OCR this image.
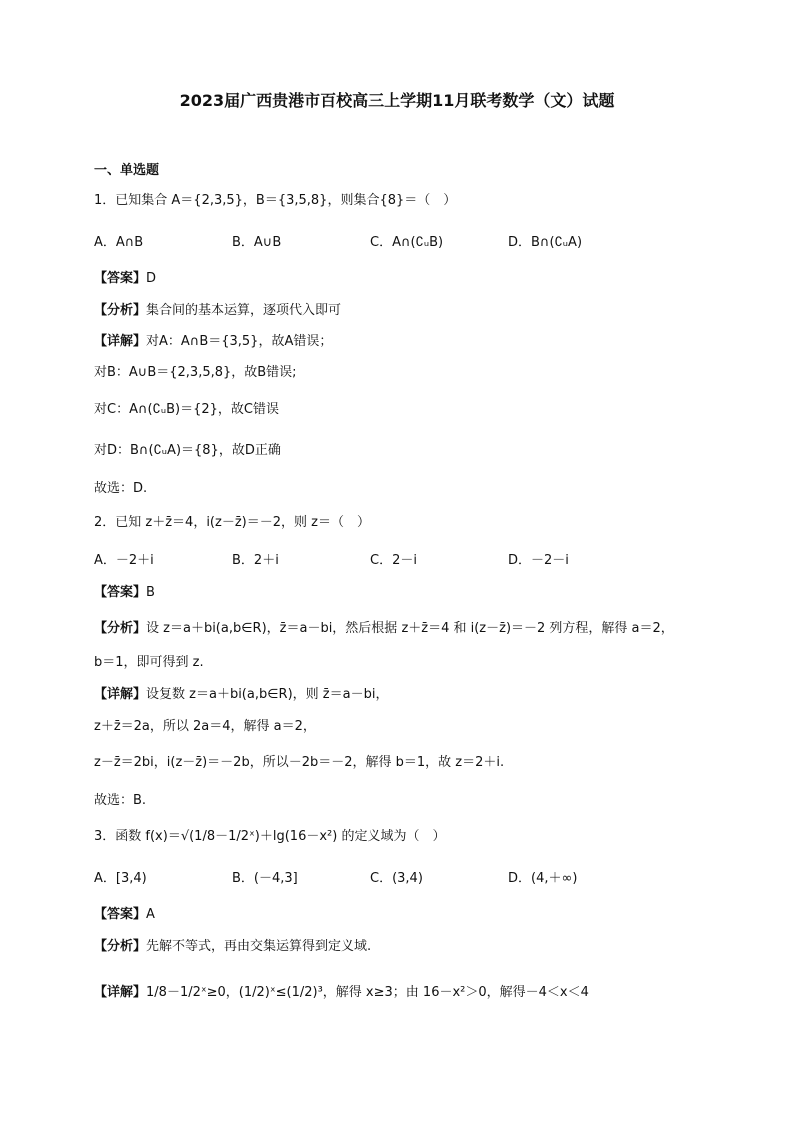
2023届广西贵港市百校高三上学期11月联考数学（文）试题
一、单选题
1．已知集合 A＝{2,3,5}，B＝{3,5,8}，则集合{8}＝（　）
A．A∩B	B．A∪B	C．A∩(∁ᵤB)	D．B∩(∁ᵤA)
【答案】D
【分析】集合间的基本运算，逐项代入即可
【详解】对A：A∩B＝{3,5}，故A错误；
对B：A∪B＝{2,3,5,8}，故B错误;
对C：A∩(∁ᵤB)＝{2}，故C错误
对D：B∩(∁ᵤA)＝{8}，故D正确
故选：D.
2．已知 z＋z̄＝4，i(z－z̄)＝－2，则 z＝（　）
A．－2＋i	B．2＋i	C．2－i	D．－2－i
【答案】B
【分析】设 z＝a＋bi(a,b∈R)，z̄＝a－bi，然后根据 z＋z̄＝4 和 i(z－z̄)＝－2 列方程，解得 a＝2，
b＝1，即可得到 z.
【详解】设复数 z＝a＋bi(a,b∈R)，则 z̄＝a－bi，
z＋z̄＝2a，所以 2a＝4，解得 a＝2，
z－z̄＝2bi，i(z－z̄)＝－2b，所以－2b＝－2，解得 b＝1，故 z＝2＋i.
故选：B.
3．函数 f(x)＝√(1/8－1/2ˣ)＋lg(16－x²) 的定义域为（　）
A．[3,4)	B．(－4,3]	C．(3,4)	D．(4,＋∞)
【答案】A
【分析】先解不等式，再由交集运算得到定义域.
【详解】1/8－1/2ˣ≥0，(1/2)ˣ≤(1/2)³，解得 x≥3；由 16－x²＞0，解得－4＜x＜4
